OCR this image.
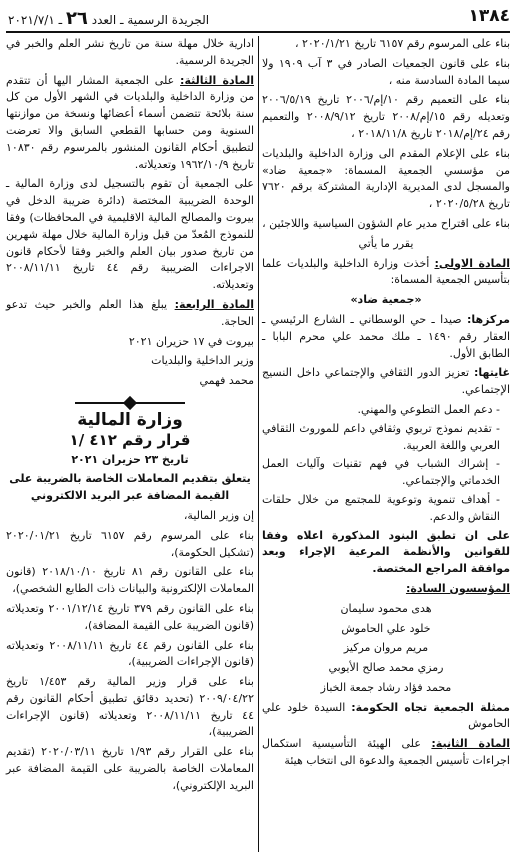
١٣٨٤
الجريدة الرسمية ـ العدد ٢٦ ـ ٢٠٢١/٧/١

بناء على المرسوم رقم ٦١٥٧ تاريخ ٢٠٢٠/١/٢١ ،

بناء على قانون الجمعيات الصادر في ٣ آب ١٩٠٩ ولا سيما المادة السادسة منه ،

بناء على التعميم رقم ١٠/إم/٢٠٠٦ تاريخ ٢٠٠٦/٥/١٩ وتعديله رقم ١٥/إم/٢٠٠٨ تاريخ ٢٠٠٨/٩/١٢ والتعميم رقم ٢٤/إم/٢٠١٨ تاريخ ٢٠١٨/١١/٨ ،

بناء على الإعلام المقدم الى وزارة الداخلية والبلديات من مؤسسي الجمعية المسماة: «جمعية ضاد» والمسجل لدى المديرية الإدارية المشتركة برقم ٧٦٢٠ تاريخ ٢٠٢٠/٥/٢٨ ،

بناء على اقتراح مدير عام الشؤون السياسية واللاجئين ،

يقرر ما يأتي

المادة الاولى: أخذت وزارة الداخلية والبلديات علما بتأسيس الجمعية المسماة:

«جمعية ضاد»

مركزها: صيدا ـ حي الوسطاني ـ الشارع الرئيسي ـ العقار رقم ١٤٩٠ ـ ملك محمد علي محرم البابا ـ الطابق الأول.

غايتها: تعزيز الدور الثقافي والإجتماعي داخل النسيج الإجتماعي.

- دعم العمل التطوعي والمهني.
- تقديم نموذج تربوي وثقافي داعم للموروث الثقافي العربي واللغة العربية.
- إشراك الشباب في فهم تقنيات وآليات العمل الخدماتي والإجتماعي.
- أهداف تنموية وتوعوية للمجتمع من خلال حلقات النقاش والدعم.

على ان تطبق البنود المذكورة اعلاه وفقا للقوانين والأنظمة المرعية الإجراء وبعد موافقة المراجع المختصة.

المؤسسون السادة:

هدى محمود سليمان

خلود علي الحاموش

مريم مروان مركيز

رمزي محمد صالح الأيوبي

محمد فؤاد رشاد جمعة الخباز

ممثلة الجمعية تجاه الحكومة: السيدة خلود علي الحاموش

المادة الثانية: على الهيئة التأسيسية استكمال اجراءات تأسيس الجمعية والدعوة الى انتخاب هيئة

ادارية خلال مهلة سنة من تاريخ نشر العلم والخبر في الجريدة الرسمية.

المادة الثالثة: على الجمعية المشار اليها أن تتقدم من وزارة الداخلية والبلديات في الشهر الأول من كل سنة بلائحة تتضمن أسماء أعضائها ونسخة من موازنتها السنوية ومن حسابها القطعي السابق والا تعرضت لتطبيق أحكام القانون المنشور بالمرسوم رقم ١٠٨٣٠ تاريخ ١٩٦٢/١٠/٩ وتعديلاته.

على الجمعية أن تقوم بالتسجيل لدى وزارة المالية ـ الوحدة الضريبية المختصة (دائرة ضريبة الدخل في بيروت والمصالح المالية الاقليمية في المحافظات) وفقا للنموذج المُعدّ من قبل وزارة المالية خلال مهلة شهرين من تاريخ صدور بيان العلم والخبر وفقا لأحكام قانون الاجراءات الضريبية رقم ٤٤ تاريخ ٢٠٠٨/١١/١١ وتعديلاته.

المادة الرابعة: يبلغ هذا العلم والخبر حيث تدعو الحاجة.

بيروت في ١٧ حزيران ٢٠٢١

وزير الداخلية والبلديات

محمد فهمي

وزارة المالية

قرار رقم ٤١٢ /١

تاريخ ٢٣ حزيران ٢٠٢١

يتعلق بتقديم المعاملات الخاصة بالضريبة على القيمة المضافة عبر البريد الالكتروني

إن وزير المالية،

بناء على المرسوم رقم ٦١٥٧ تاريخ ٢٠٢٠/٠١/٢١ (تشكيل الحكومة)،

بناء على القانون رقم ٨١ تاريخ ٢٠١٨/١٠/١٠ (قانون المعاملات الإلكترونية والبيانات ذات الطابع الشخصي)،

بناء على القانون رقم ٣٧٩ تاريخ ٢٠٠١/١٢/١٤ وتعديلاته (قانون الضريبة على القيمة المضافة)،

بناء على القانون رقم ٤٤ تاريخ ٢٠٠٨/١١/١١ وتعديلاته (قانون الإجراءات الضريبية)،

بناء على قرار وزير المالية رقم ١/٤٥٣ تاريخ ٢٠٠٩/٠٤/٢٢ (تحديد دقائق تطبيق أحكام القانون رقم ٤٤ تاريخ ٢٠٠٨/١١/١١ وتعديلاته (قانون الإجراءات الضريبية)،

بناء على القرار رقم ١/٩٣ تاريخ ٢٠٢٠/٠٣/١١ (تقديم المعاملات الخاصة بالضريبة على القيمة المضافة عبر البريد الإلكتروني)،
